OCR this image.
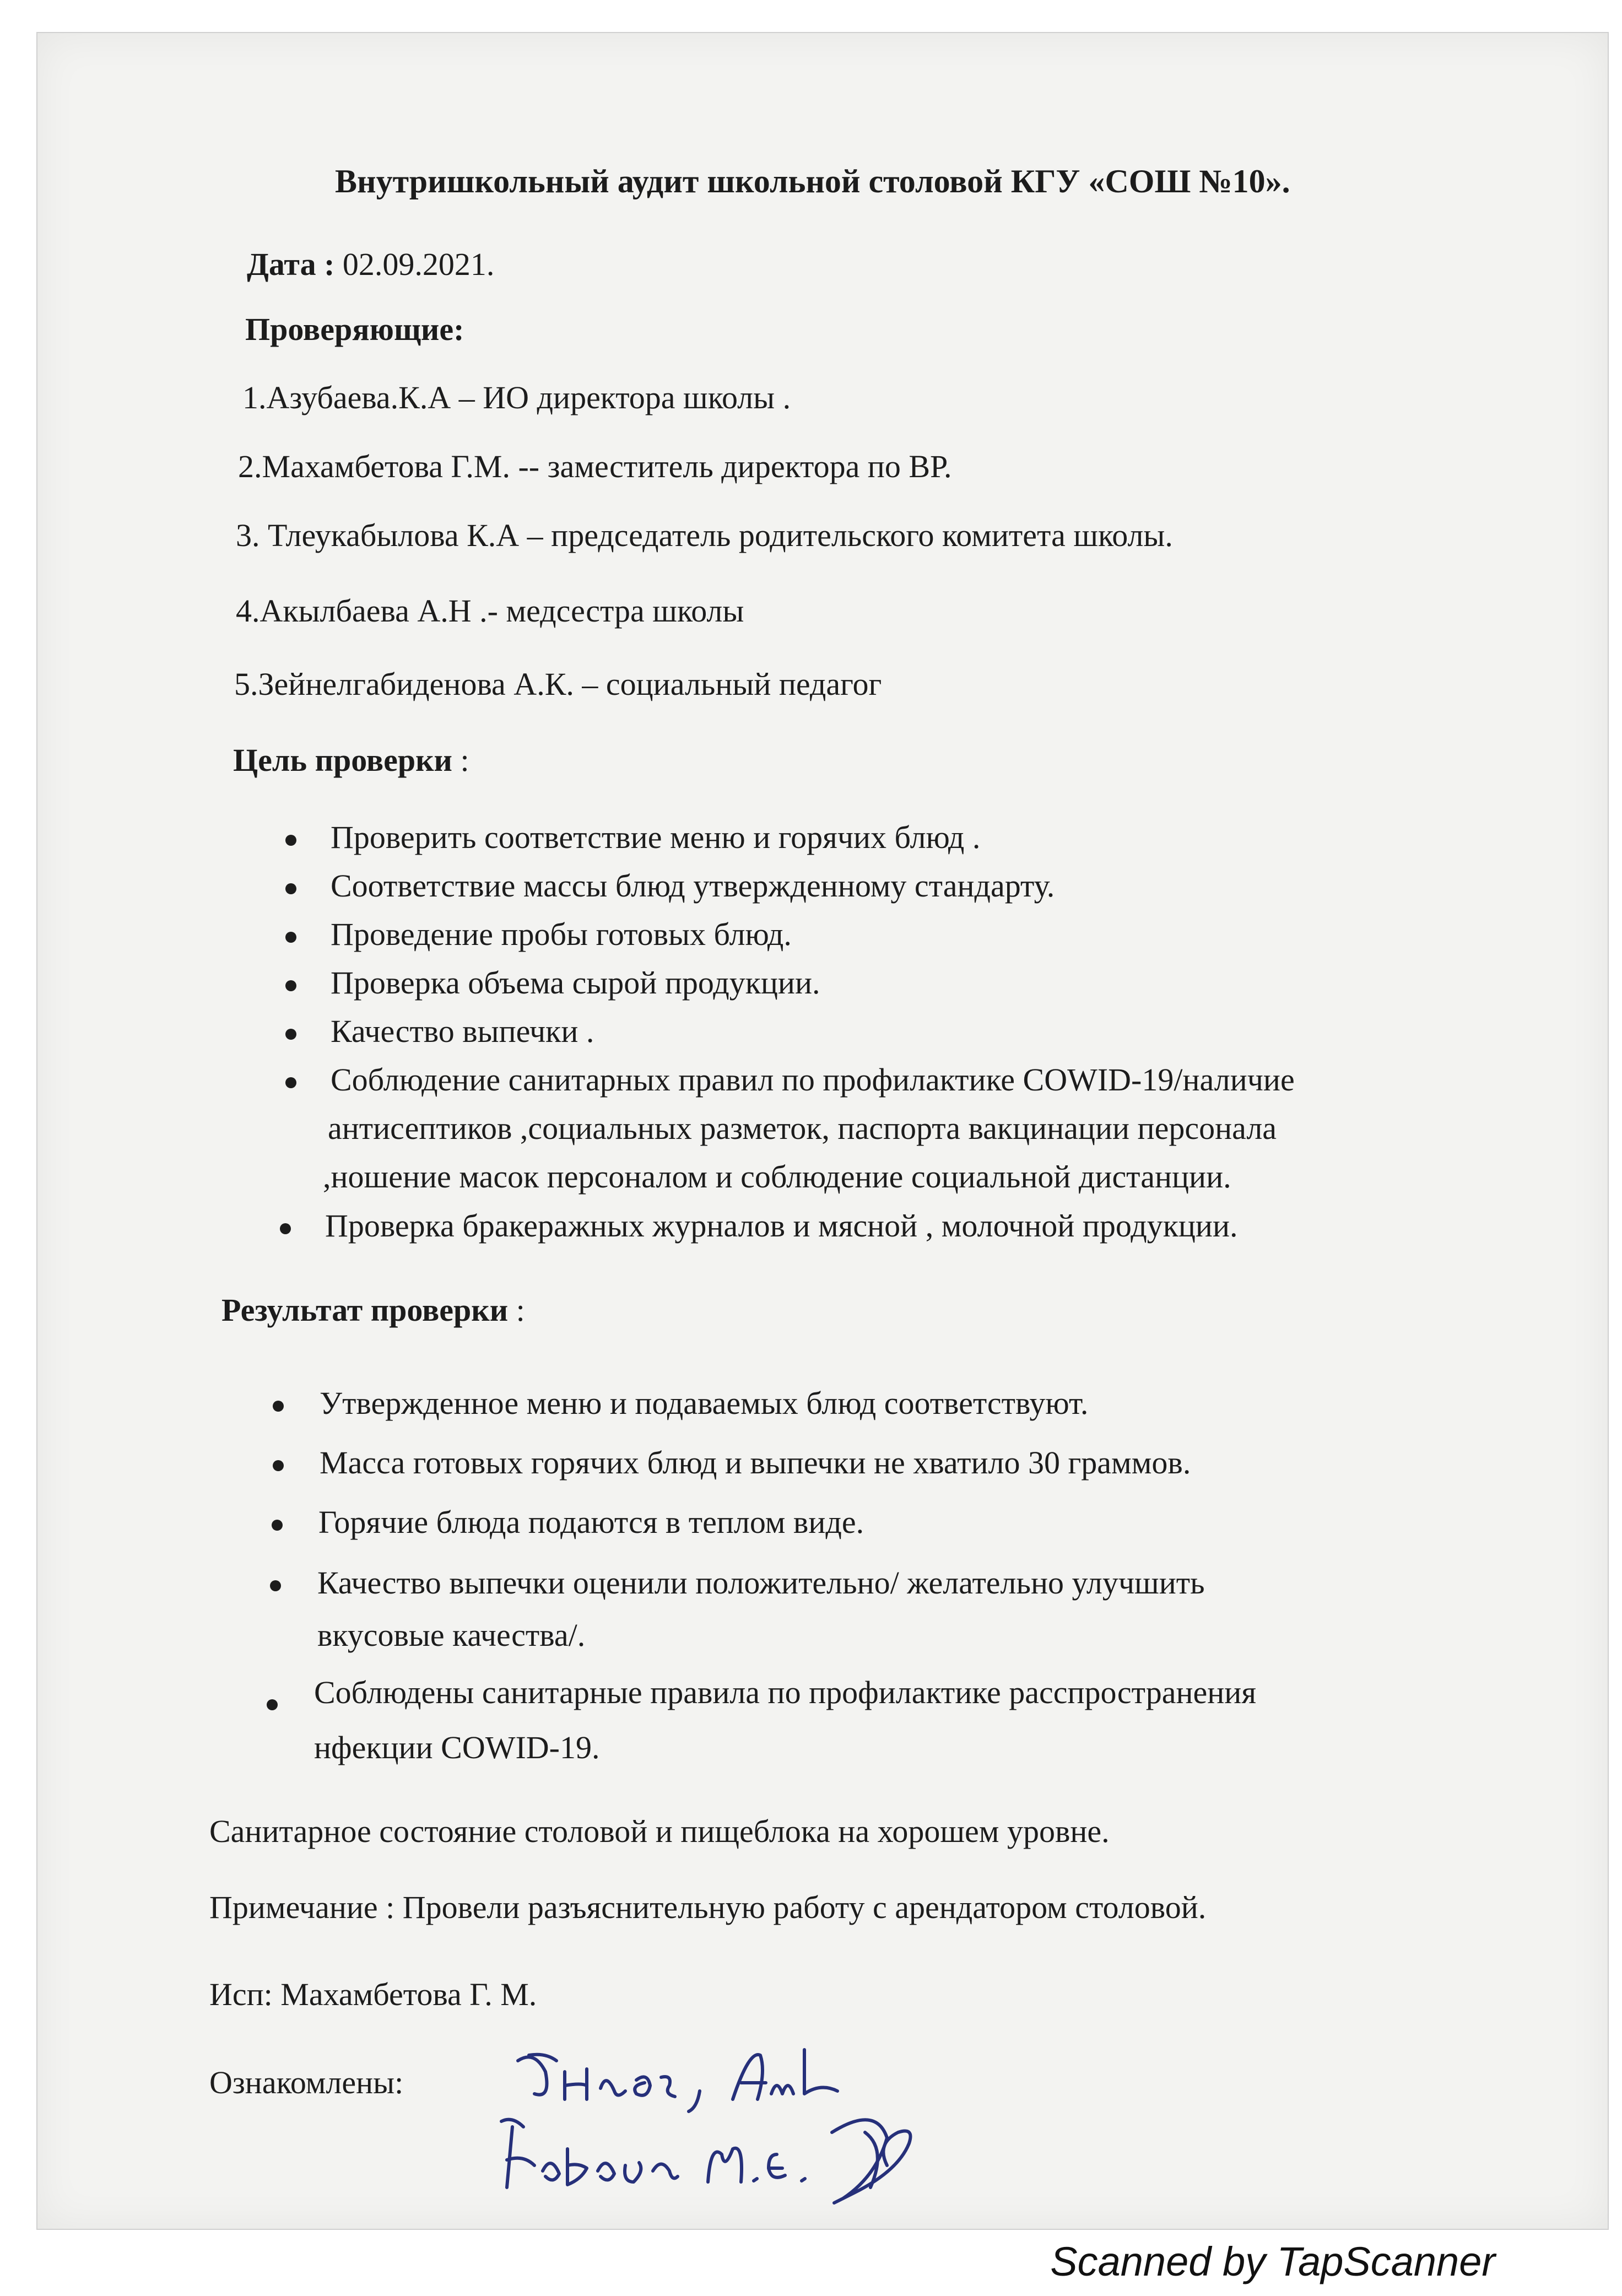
Внутришкольный аудит школьной столовой КГУ «СОШ №10».
Дата : 02.09.2021.
Проверяющие:
1.Азубаева.К.А – ИО директора школы .
2.Махамбетова Г.М. -- заместитель директора по ВР.
3. Тлеукабылова К.А – председатель родительского комитета школы.
4.Акылбаева А.Н .- медсестра школы
5.Зейнелгабиденова А.К. – социальный педагог
Цель проверки :
Проверить соответствие меню и горячих блюд .
Соответствие массы блюд утвержденному стандарту.
Проведение пробы готовых блюд.
Проверка объема сырой продукции.
Качество выпечки .
Соблюдение санитарных правил по профилактике COWID-19/наличие
антисептиков ,социальных разметок, паспорта вакцинации персонала
,ношение масок персоналом и соблюдение социальной дистанции.
Проверка бракеражных журналов и мясной , молочной продукции.
Результат проверки :
Утвержденное меню и подаваемых блюд соответствуют.
Масса готовых горячих блюд и выпечки не хватило 30 граммов.
Горячие блюда подаются в теплом виде.
Качество выпечки оценили положительно/ желательно улучшить
вкусовые качества/.
Соблюдены санитарные правила по профилактике расспространения
нфекции COWID-19.
Санитарное состояние столовой и пищеблока на хорошем уровне.
Примечание : Провели разъяснительную работу с арендатором столовой.
Исп: Махамбетова Г. М.
Ознакомлены:
Scanned by TapScanner
